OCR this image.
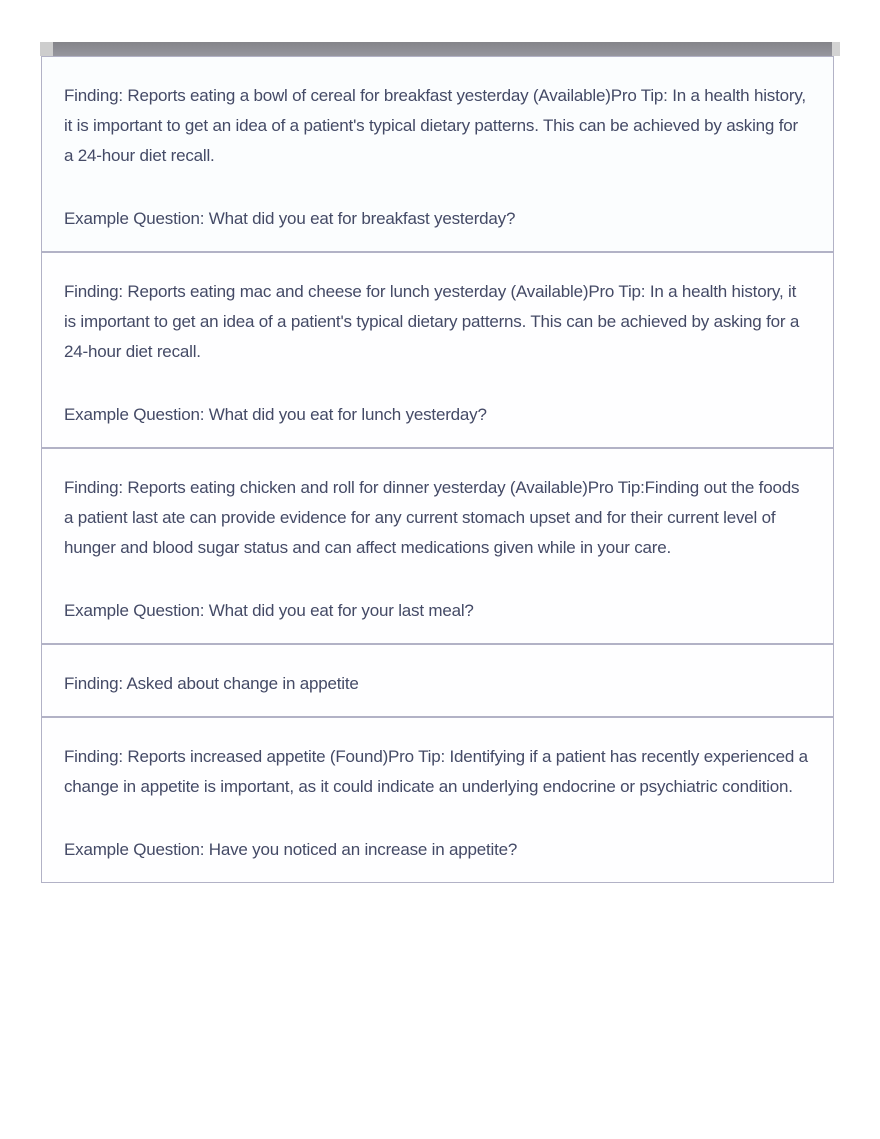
Finding: Reports eating a bowl of cereal for breakfast yesterday (Available)Pro Tip: In a health history, it is important to get an idea of a patient's typical dietary patterns. This can be achieved by asking for a 24-hour diet recall.

Example Question: What did you eat for breakfast yesterday?

Finding: Reports eating mac and cheese for lunch yesterday (Available)Pro Tip: In a health history, it is important to get an idea of a patient's typical dietary patterns. This can be achieved by asking for a 24-hour diet recall.

Example Question: What did you eat for lunch yesterday?

Finding: Reports eating chicken and roll for dinner yesterday (Available)Pro Tip:Finding out the foods a patient last ate can provide evidence for any current stomach upset and for their current level of hunger and blood sugar status and can affect medications given while in your care.

Example Question: What did you eat for your last meal?

Finding: Asked about change in appetite

Finding: Reports increased appetite (Found)Pro Tip: Identifying if a patient has recently experienced a change in appetite is important, as it could indicate an underlying endocrine or psychiatric condition.

Example Question: Have you noticed an increase in appetite?
